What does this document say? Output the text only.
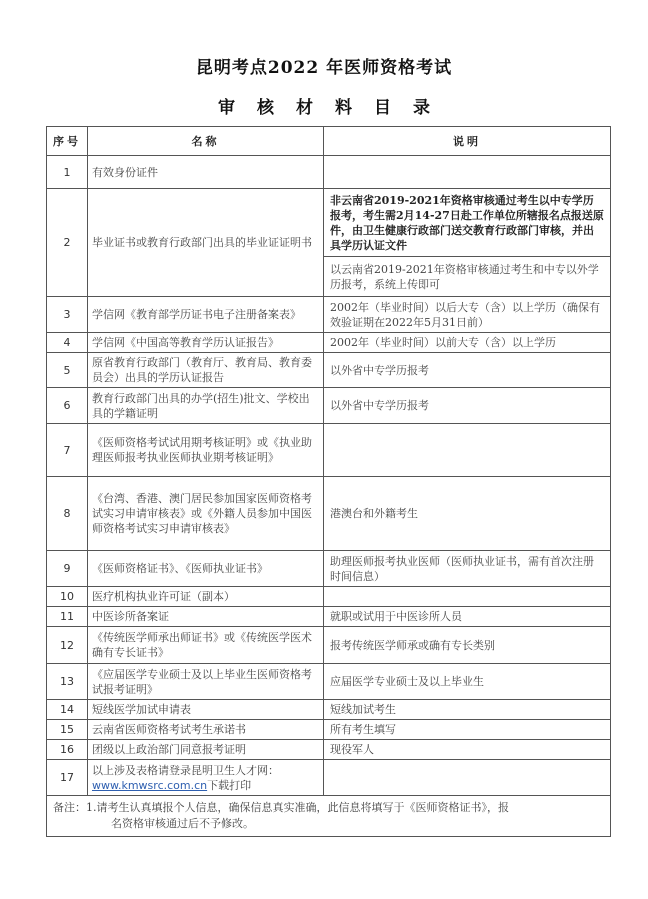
昆明考点2022 年医师资格考试
审核材料目录
序号	名称	说明
1	有效身份证件	
2	毕业证书或教育行政部门出具的毕业证证明书	非云南省2019-2021年资格审核通过考生以中专学历报考，考生需2月14-27日赴工作单位所辖报名点报送原件，由卫生健康行政部门送交教育行政部门审核，并出具学历认证文件
		以云南省2019-2021年资格审核通过考生和中专以外学历报考，系统上传即可
3	学信网《教育部学历证书电子注册备案表》	2002年（毕业时间）以后大专（含）以上学历（确保有效验证期在2022年5月31日前）
4	学信网《中国高等教育学历认证报告》	2002年（毕业时间）以前大专（含）以上学历
5	原省教育行政部门（教育厅、教育局、教育委员会）出具的学历认证报告	以外省中专学历报考
6	教育行政部门出具的办学(招生)批文、学校出具的学籍证明	以外省中专学历报考
7	《医师资格考试试用期考核证明》或《执业助理医师报考执业医师执业期考核证明》	
8	《台湾、香港、澳门居民参加国家医师资格考试实习申请审核表》或《外籍人员参加中国医师资格考试实习申请审核表》	港澳台和外籍考生
9	《医师资格证书》、《医师执业证书》	助理医师报考执业医师（医师执业证书，需有首次注册时间信息）
10	医疗机构执业许可证（副本）	
11	中医诊所备案证	就职或试用于中医诊所人员
12	《传统医学师承出师证书》或《传统医学医术确有专长证书》	报考传统医学师承或确有专长类别
13	《应届医学专业硕士及以上毕业生医师资格考试报考证明》	应届医学专业硕士及以上毕业生
14	短线医学加试申请表	短线加试考生
15	云南省医师资格考试考生承诺书	所有考生填写
16	团级以上政治部门同意报考证明	现役军人
17	以上涉及表格请登录昆明卫生人才网：
www.kmwsrc.com.cn下载打印	
备注：1.请考生认真填报个人信息，确保信息真实准确，此信息将填写于《医师资格证书》，报
名资格审核通过后不予修改。		
